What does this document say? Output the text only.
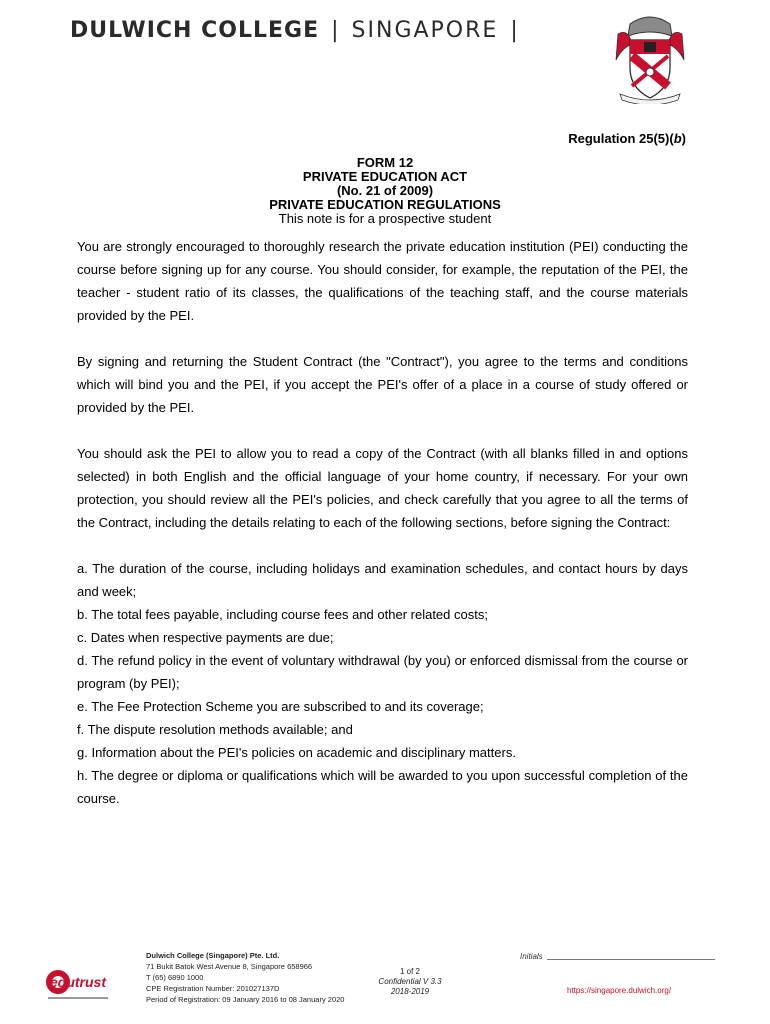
DULWICH COLLEGE | SINGAPORE |
Regulation 25(5)(b)
FORM 12
PRIVATE EDUCATION ACT
(No. 21 of 2009)
PRIVATE EDUCATION REGULATIONS
This note is for a prospective student

You are strongly encouraged to thoroughly research the private education institution (PEI) conducting the course before signing up for any course. You should consider, for example, the reputation of the PEI, the teacher - student ratio of its classes, the qualifications of the teaching staff, and the course materials provided by the PEI.

By signing and returning the Student Contract (the "Contract"), you agree to the terms and conditions which will bind you and the PEI, if you accept the PEI's offer of a place in a course of study offered or provided by the PEI.

You should ask the PEI to allow you to read a copy of the Contract (with all blanks filled in and options selected) in both English and the official language of your home country, if necessary. For your own protection, you should review all the PEI's policies, and check carefully that you agree to all the terms of the Contract, including the details relating to each of the following sections, before signing the Contract:

a. The duration of the course, including holidays and examination schedules, and contact hours by days and week;
b. The total fees payable, including course fees and other related costs;
c. Dates when respective payments are due;
d. The refund policy in the event of voluntary withdrawal (by you) or enforced dismissal from the course or program (by PEI);
e. The Fee Protection Scheme you are subscribed to and its coverage;
f. The dispute resolution methods available; and
g. Information about the PEI's policies on academic and disciplinary matters.
h. The degree or diploma or qualifications which will be awarded to you upon successful completion of the course.
edutrust
Dulwich College (Singapore) Pte. Ltd.
71 Bukit Batok West Avenue 8, Singapore 658966
T (65) 6890 1000
CPE Registration Number: 201027137D
Period of Registration: 09 January 2016 to 08 January 2020
1 of 2
Confidential V 3.3
2018-2019
Initials
https://singapore.dulwich.org/
